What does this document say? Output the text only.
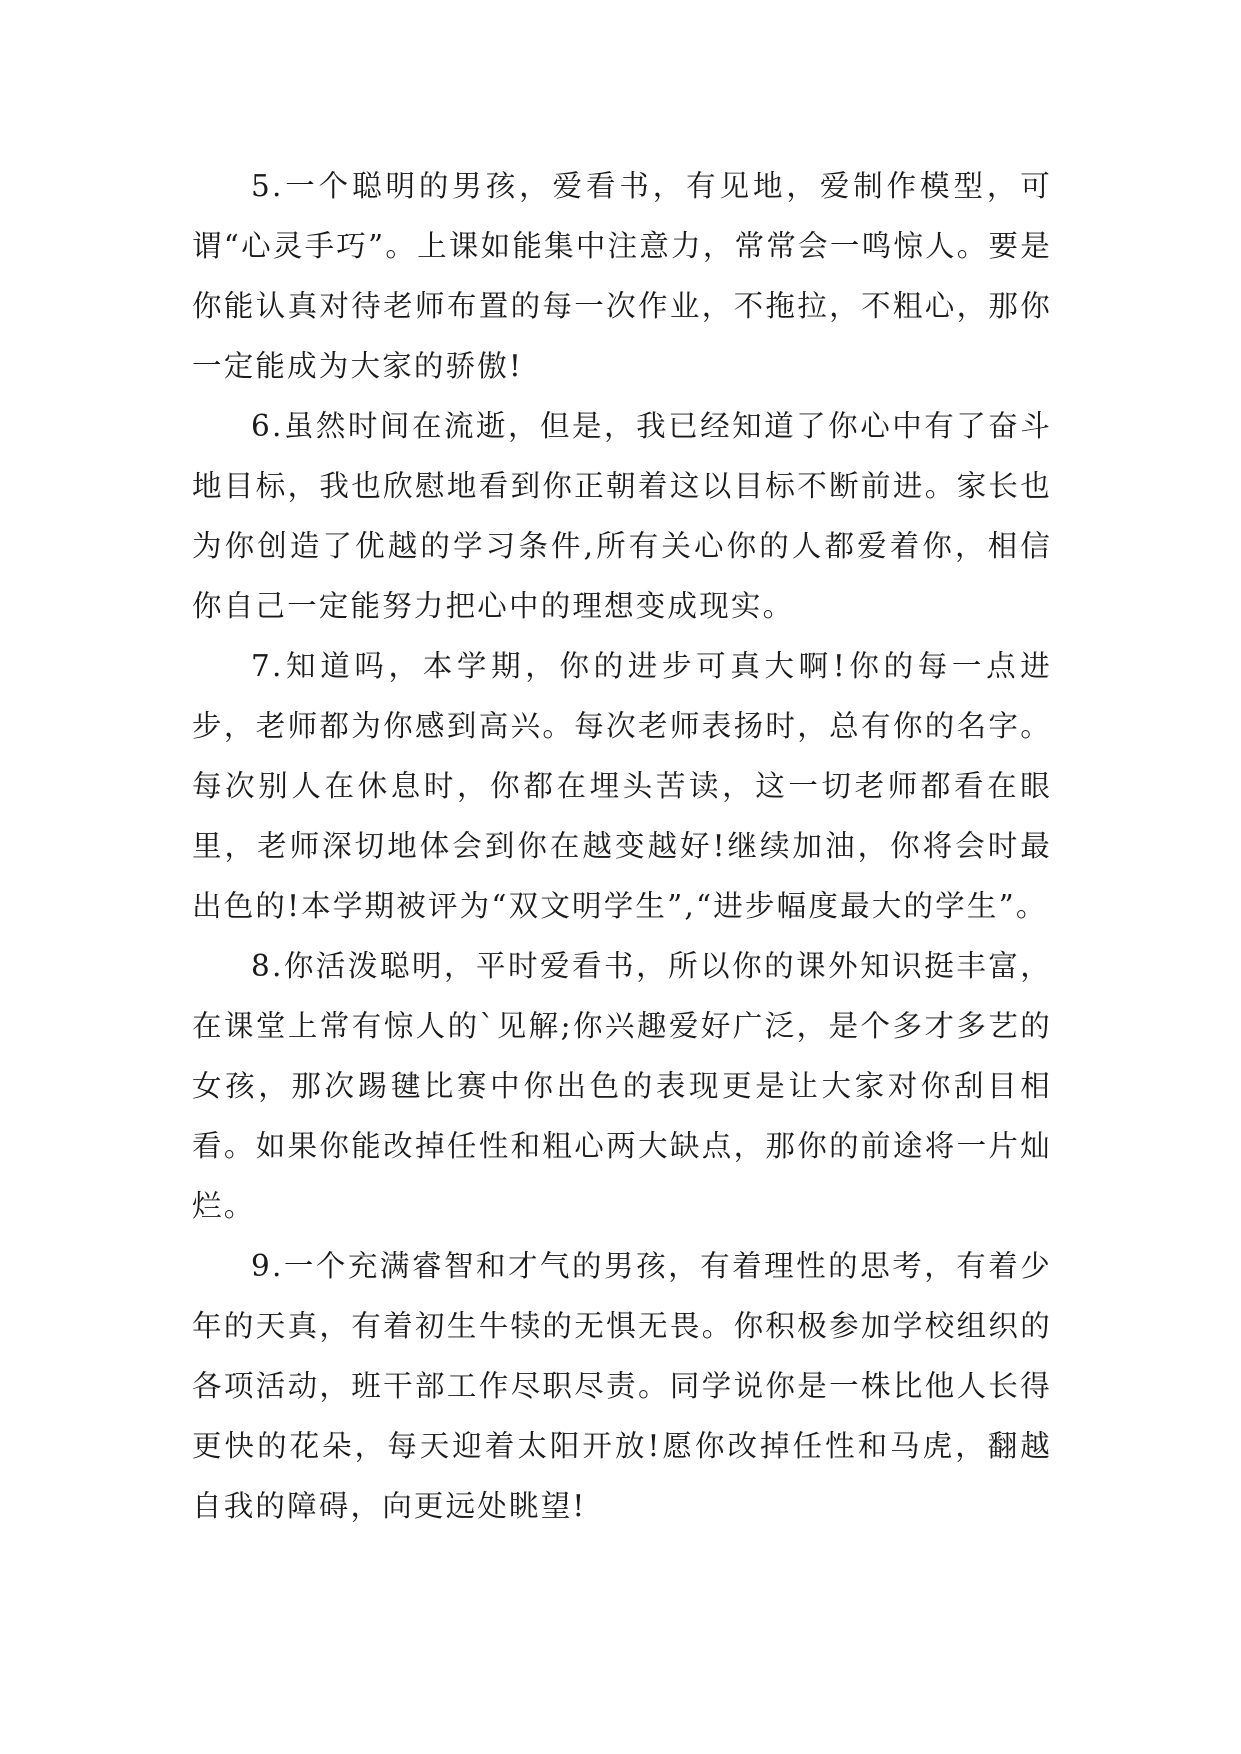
5.一个聪明的男孩，爱看书，有见地，爱制作模型，可谓“心灵手巧”。上课如能集中注意力，常常会一鸣惊人。要是你能认真对待老师布置的每一次作业，不拖拉，不粗心，那你一定能成为大家的骄傲!

6.虽然时间在流逝，但是，我已经知道了你心中有了奋斗地目标，我也欣慰地看到你正朝着这以目标不断前进。家长也为你创造了优越的学习条件,所有关心你的人都爱着你，相信你自己一定能努力把心中的理想变成现实。

7.知道吗，本学期，你的进步可真大啊!你的每一点进步，老师都为你感到高兴。每次老师表扬时，总有你的名字。每次别人在休息时，你都在埋头苦读，这一切老师都看在眼里，老师深切地体会到你在越变越好!继续加油，你将会时最出色的!本学期被评为“双文明学生”,“进步幅度最大的学生”。

8.你活泼聪明，平时爱看书，所以你的课外知识挺丰富，在课堂上常有惊人的`见解;你兴趣爱好广泛，是个多才多艺的女孩，那次踢毽比赛中你出色的表现更是让大家对你刮目相看。如果你能改掉任性和粗心两大缺点，那你的前途将一片灿烂。

9.一个充满睿智和才气的男孩，有着理性的思考，有着少年的天真，有着初生牛犊的无惧无畏。你积极参加学校组织的各项活动，班干部工作尽职尽责。同学说你是一株比他人长得更快的花朵，每天迎着太阳开放!愿你改掉任性和马虎，翻越自我的障碍，向更远处眺望!
